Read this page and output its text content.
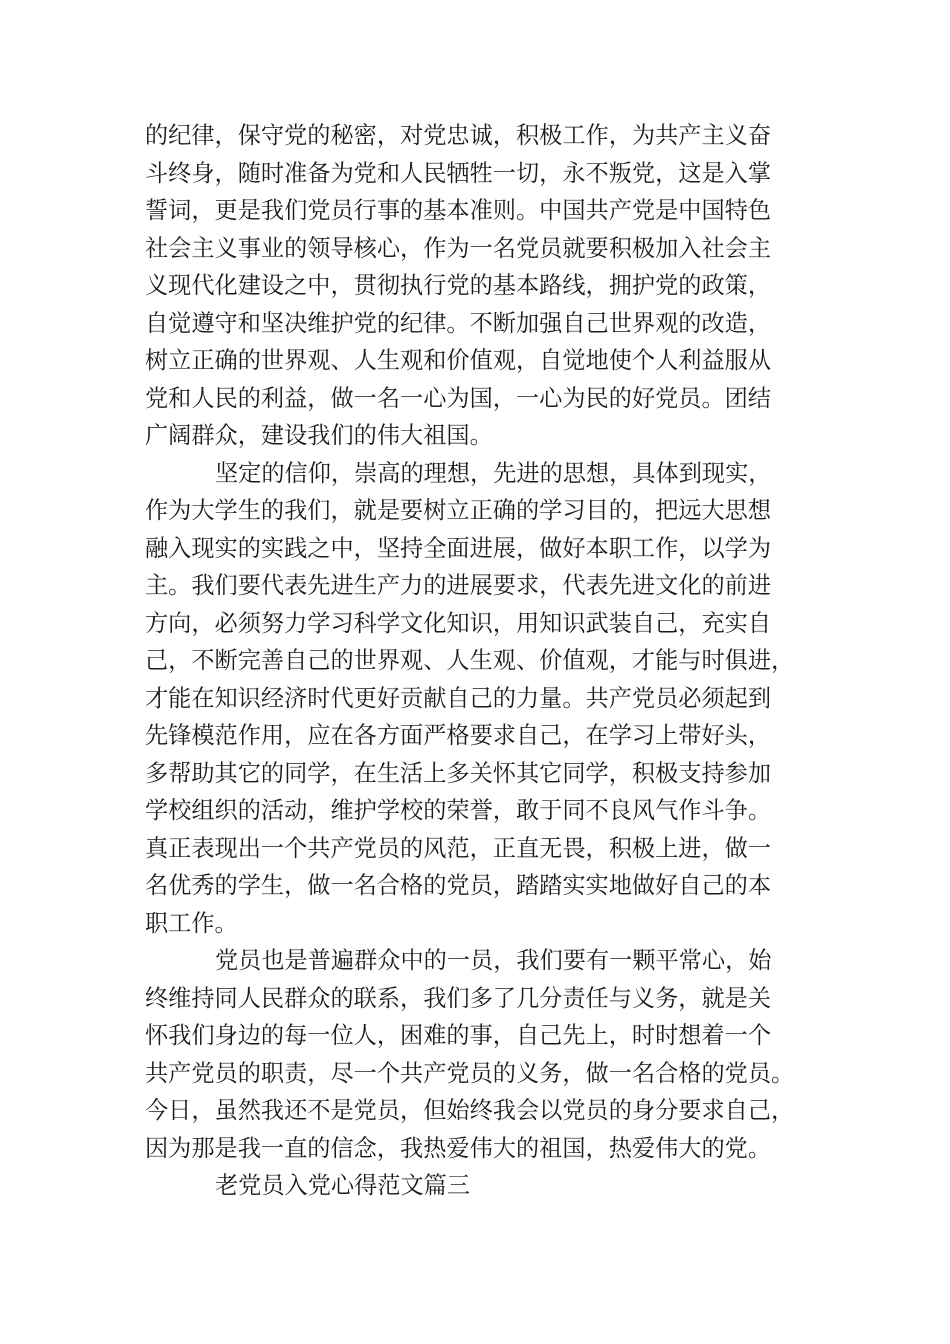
的纪律，保守党的秘密，对党忠诚，积极工作，为共产主义奋
斗终身，随时准备为党和人民牺牲一切，永不叛党，这是入掌
誓词，更是我们党员行事的基本准则。中国共产党是中国特色
社会主义事业的领导核心，作为一名党员就要积极加入社会主
义现代化建设之中，贯彻执行党的基本路线，拥护党的政策，
自觉遵守和坚决维护党的纪律。不断加强自己世界观的改造，
树立正确的世界观、人生观和价值观，自觉地使个人利益服从
党和人民的利益，做一名一心为国，一心为民的好党员。团结
广阔群众，建设我们的伟大祖国。
坚定的信仰，崇高的理想，先进的思想，具体到现实，
作为大学生的我们，就是要树立正确的学习目的，把远大思想
融入现实的实践之中，坚持全面进展，做好本职工作，以学为
主。我们要代表先进生产力的进展要求，代表先进文化的前进
方向，必须努力学习科学文化知识，用知识武装自己，充实自
己，不断完善自己的世界观、人生观、价值观，才能与时俱进，
才能在知识经济时代更好贡献自己的力量。共产党员必须起到
先锋模范作用，应在各方面严格要求自己，在学习上带好头，
多帮助其它的同学，在生活上多关怀其它同学，积极支持参加
学校组织的活动，维护学校的荣誉，敢于同不良风气作斗争。
真正表现出一个共产党员的风范，正直无畏，积极上进，做一
名优秀的学生，做一名合格的党员，踏踏实实地做好自己的本
职工作。
党员也是普遍群众中的一员，我们要有一颗平常心，始
终维持同人民群众的联系，我们多了几分责任与义务，就是关
怀我们身边的每一位人，困难的事，自己先上，时时想着一个
共产党员的职责，尽一个共产党员的义务，做一名合格的党员。
今日，虽然我还不是党员，但始终我会以党员的身分要求自己，
因为那是我一直的信念，我热爱伟大的祖国，热爱伟大的党。
老党员入党心得范文篇三
